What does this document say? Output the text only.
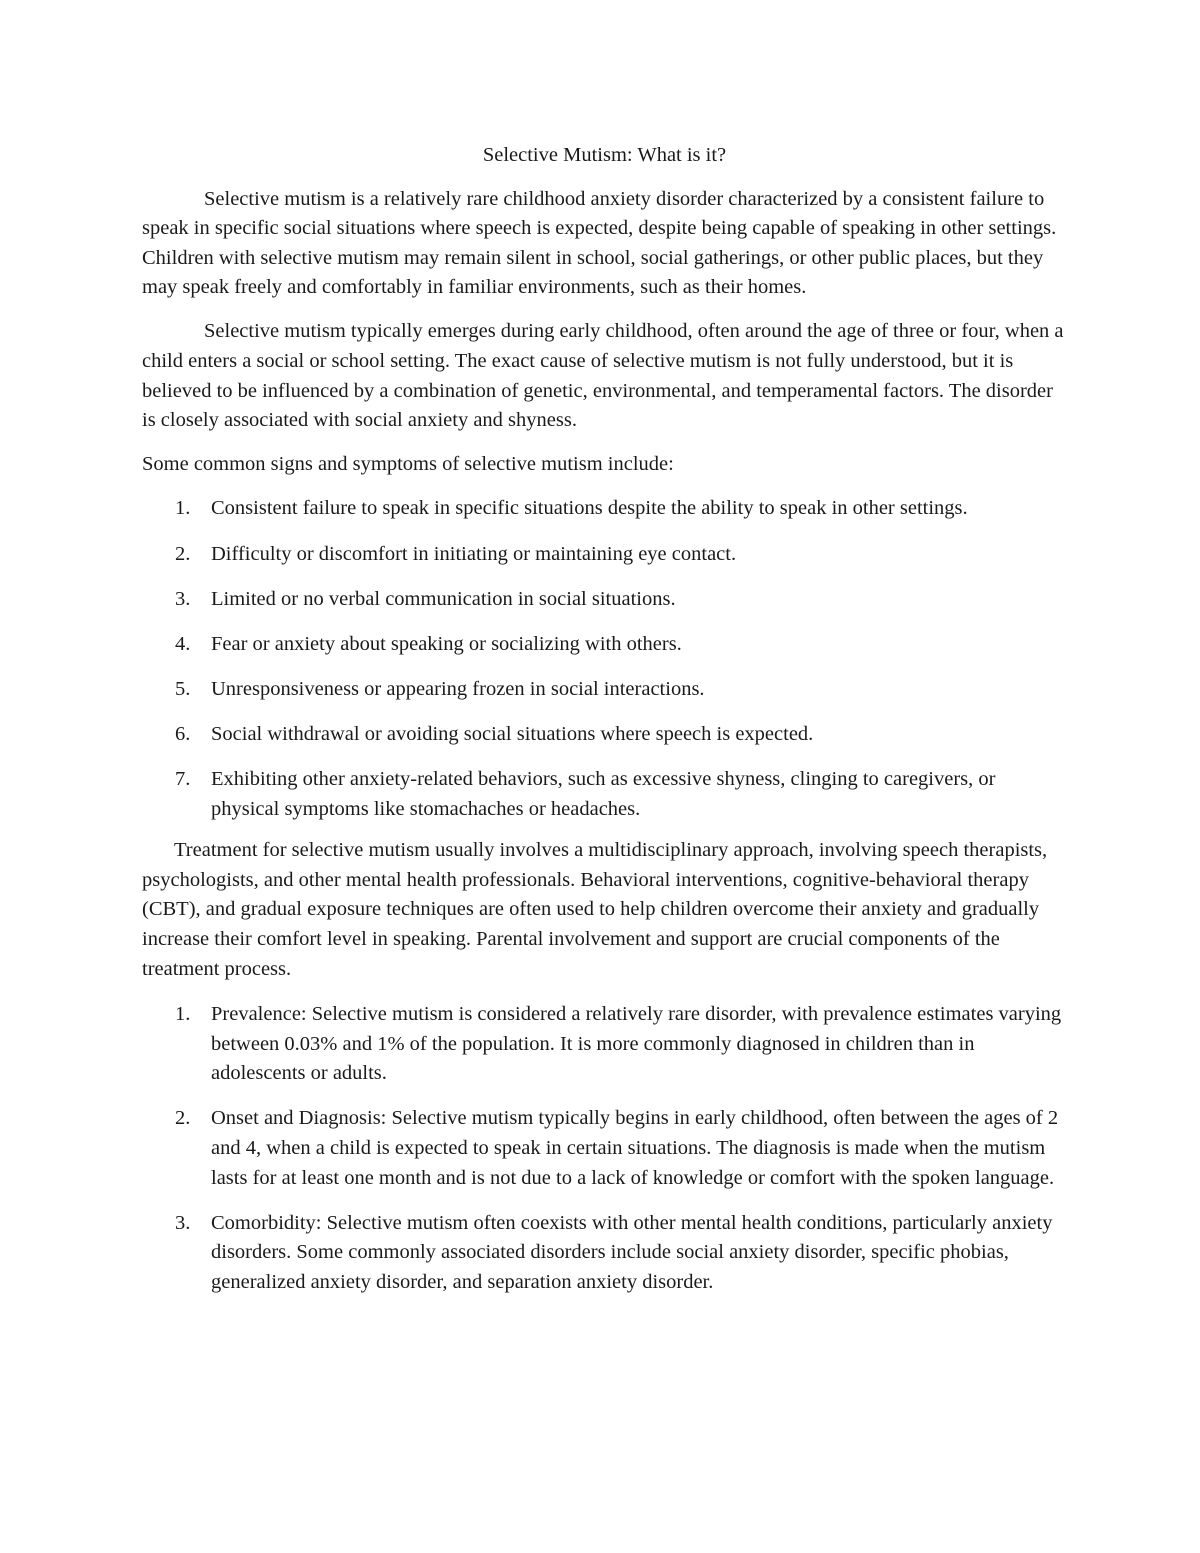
Selective Mutism: What is it?

Selective mutism is a relatively rare childhood anxiety disorder characterized by a consistent failure to speak in specific social situations where speech is expected, despite being capable of speaking in other settings. Children with selective mutism may remain silent in school, social gatherings, or other public places, but they may speak freely and comfortably in familiar environments, such as their homes.

Selective mutism typically emerges during early childhood, often around the age of three or four, when a child enters a social or school setting. The exact cause of selective mutism is not fully understood, but it is believed to be influenced by a combination of genetic, environmental, and temperamental factors. The disorder is closely associated with social anxiety and shyness.

Some common signs and symptoms of selective mutism include:

1. Consistent failure to speak in specific situations despite the ability to speak in other settings.
2. Difficulty or discomfort in initiating or maintaining eye contact.
3. Limited or no verbal communication in social situations.
4. Fear or anxiety about speaking or socializing with others.
5. Unresponsiveness or appearing frozen in social interactions.
6. Social withdrawal or avoiding social situations where speech is expected.
7. Exhibiting other anxiety-related behaviors, such as excessive shyness, clinging to caregivers, or physical symptoms like stomachaches or headaches.

Treatment for selective mutism usually involves a multidisciplinary approach, involving speech therapists, psychologists, and other mental health professionals. Behavioral interventions, cognitive-behavioral therapy (CBT), and gradual exposure techniques are often used to help children overcome their anxiety and gradually increase their comfort level in speaking. Parental involvement and support are crucial components of the treatment process.

1. Prevalence: Selective mutism is considered a relatively rare disorder, with prevalence estimates varying between 0.03% and 1% of the population. It is more commonly diagnosed in children than in adolescents or adults.
2. Onset and Diagnosis: Selective mutism typically begins in early childhood, often between the ages of 2 and 4, when a child is expected to speak in certain situations. The diagnosis is made when the mutism lasts for at least one month and is not due to a lack of knowledge or comfort with the spoken language.
3. Comorbidity: Selective mutism often coexists with other mental health conditions, particularly anxiety disorders. Some commonly associated disorders include social anxiety disorder, specific phobias, generalized anxiety disorder, and separation anxiety disorder.
